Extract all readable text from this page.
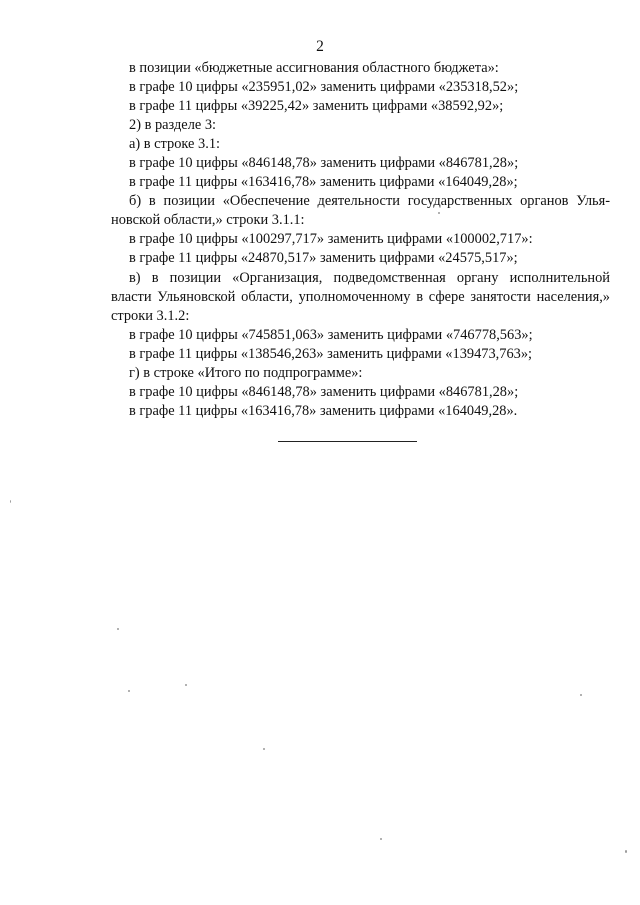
2
в позиции «бюджетные ассигнования областного бюджета»:
в графе 10 цифры «235951,02» заменить цифрами «235318,52»;
в графе 11 цифры «39225,42» заменить цифрами «38592,92»;
2) в разделе 3:
а) в строке 3.1:
в графе 10 цифры «846148,78» заменить цифрами «846781,28»;
в графе 11 цифры «163416,78» заменить цифрами «164049,28»;
б) в позиции «Обеспечение деятельности государственных органов Улья-
новской области,» строки 3.1.1:
в графе 10 цифры «100297,717» заменить цифрами «100002,717»:
в графе 11 цифры «24870,517» заменить цифрами «24575,517»;
в) в позиции «Организация, подведомственная органу исполнительной
власти Ульяновской области, уполномоченному в сфере занятости населения,»
строки 3.1.2:
в графе 10 цифры «745851,063» заменить цифрами «746778,563»;
в графе 11 цифры «138546,263» заменить цифрами «139473,763»;
г) в строке «Итого по подпрограмме»:
в графе 10 цифры «846148,78» заменить цифрами «846781,28»;
в графе 11 цифры «163416,78» заменить цифрами «164049,28».
